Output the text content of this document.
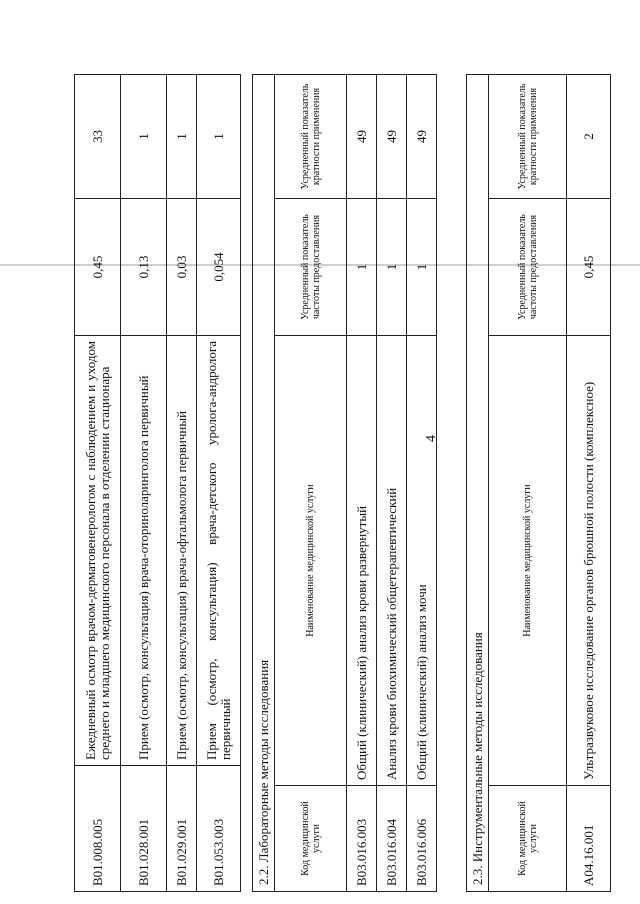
4
B01.008.005	Ежедневный осмотр врачом-дерматовенерологом с наблюдением и уходом среднего и младшего медицинского персонала в отделении стационара	0,45	33
B01.028.001	Прием (осмотр, консультация) врача-оториноларинголога первичный	0,13	1
B01.029.001	Прием (осмотр, консультация) врача-офтальмолога первичный	0,03	1
B01.053.003	Прием (осмотр, консультация) врача-детского уролога-андролога первичный	0,054	1
2.2. Лабораторные методы исследования			
Код медицинской услуги	Наименование медицинской услуги	Усредненный показатель частоты предоставления	Усредненный показатель кратности применения
B03.016.003	Общий (клинический) анализ крови развернутый	1	49
B03.016.004	Анализ крови биохимический общетерапевтический	1	49
B03.016.006	Общий (клинический) анализ мочи	1	49
2.3. Инструментальные методы исследования			
Код медицинской услуги	Наименование медицинской услуги	Усредненный показатель частоты предоставления	Усредненный показатель кратности применения
A04.16.001	Ультразвуковое исследование органов брюшной полости (комплексное)	0,45	2
